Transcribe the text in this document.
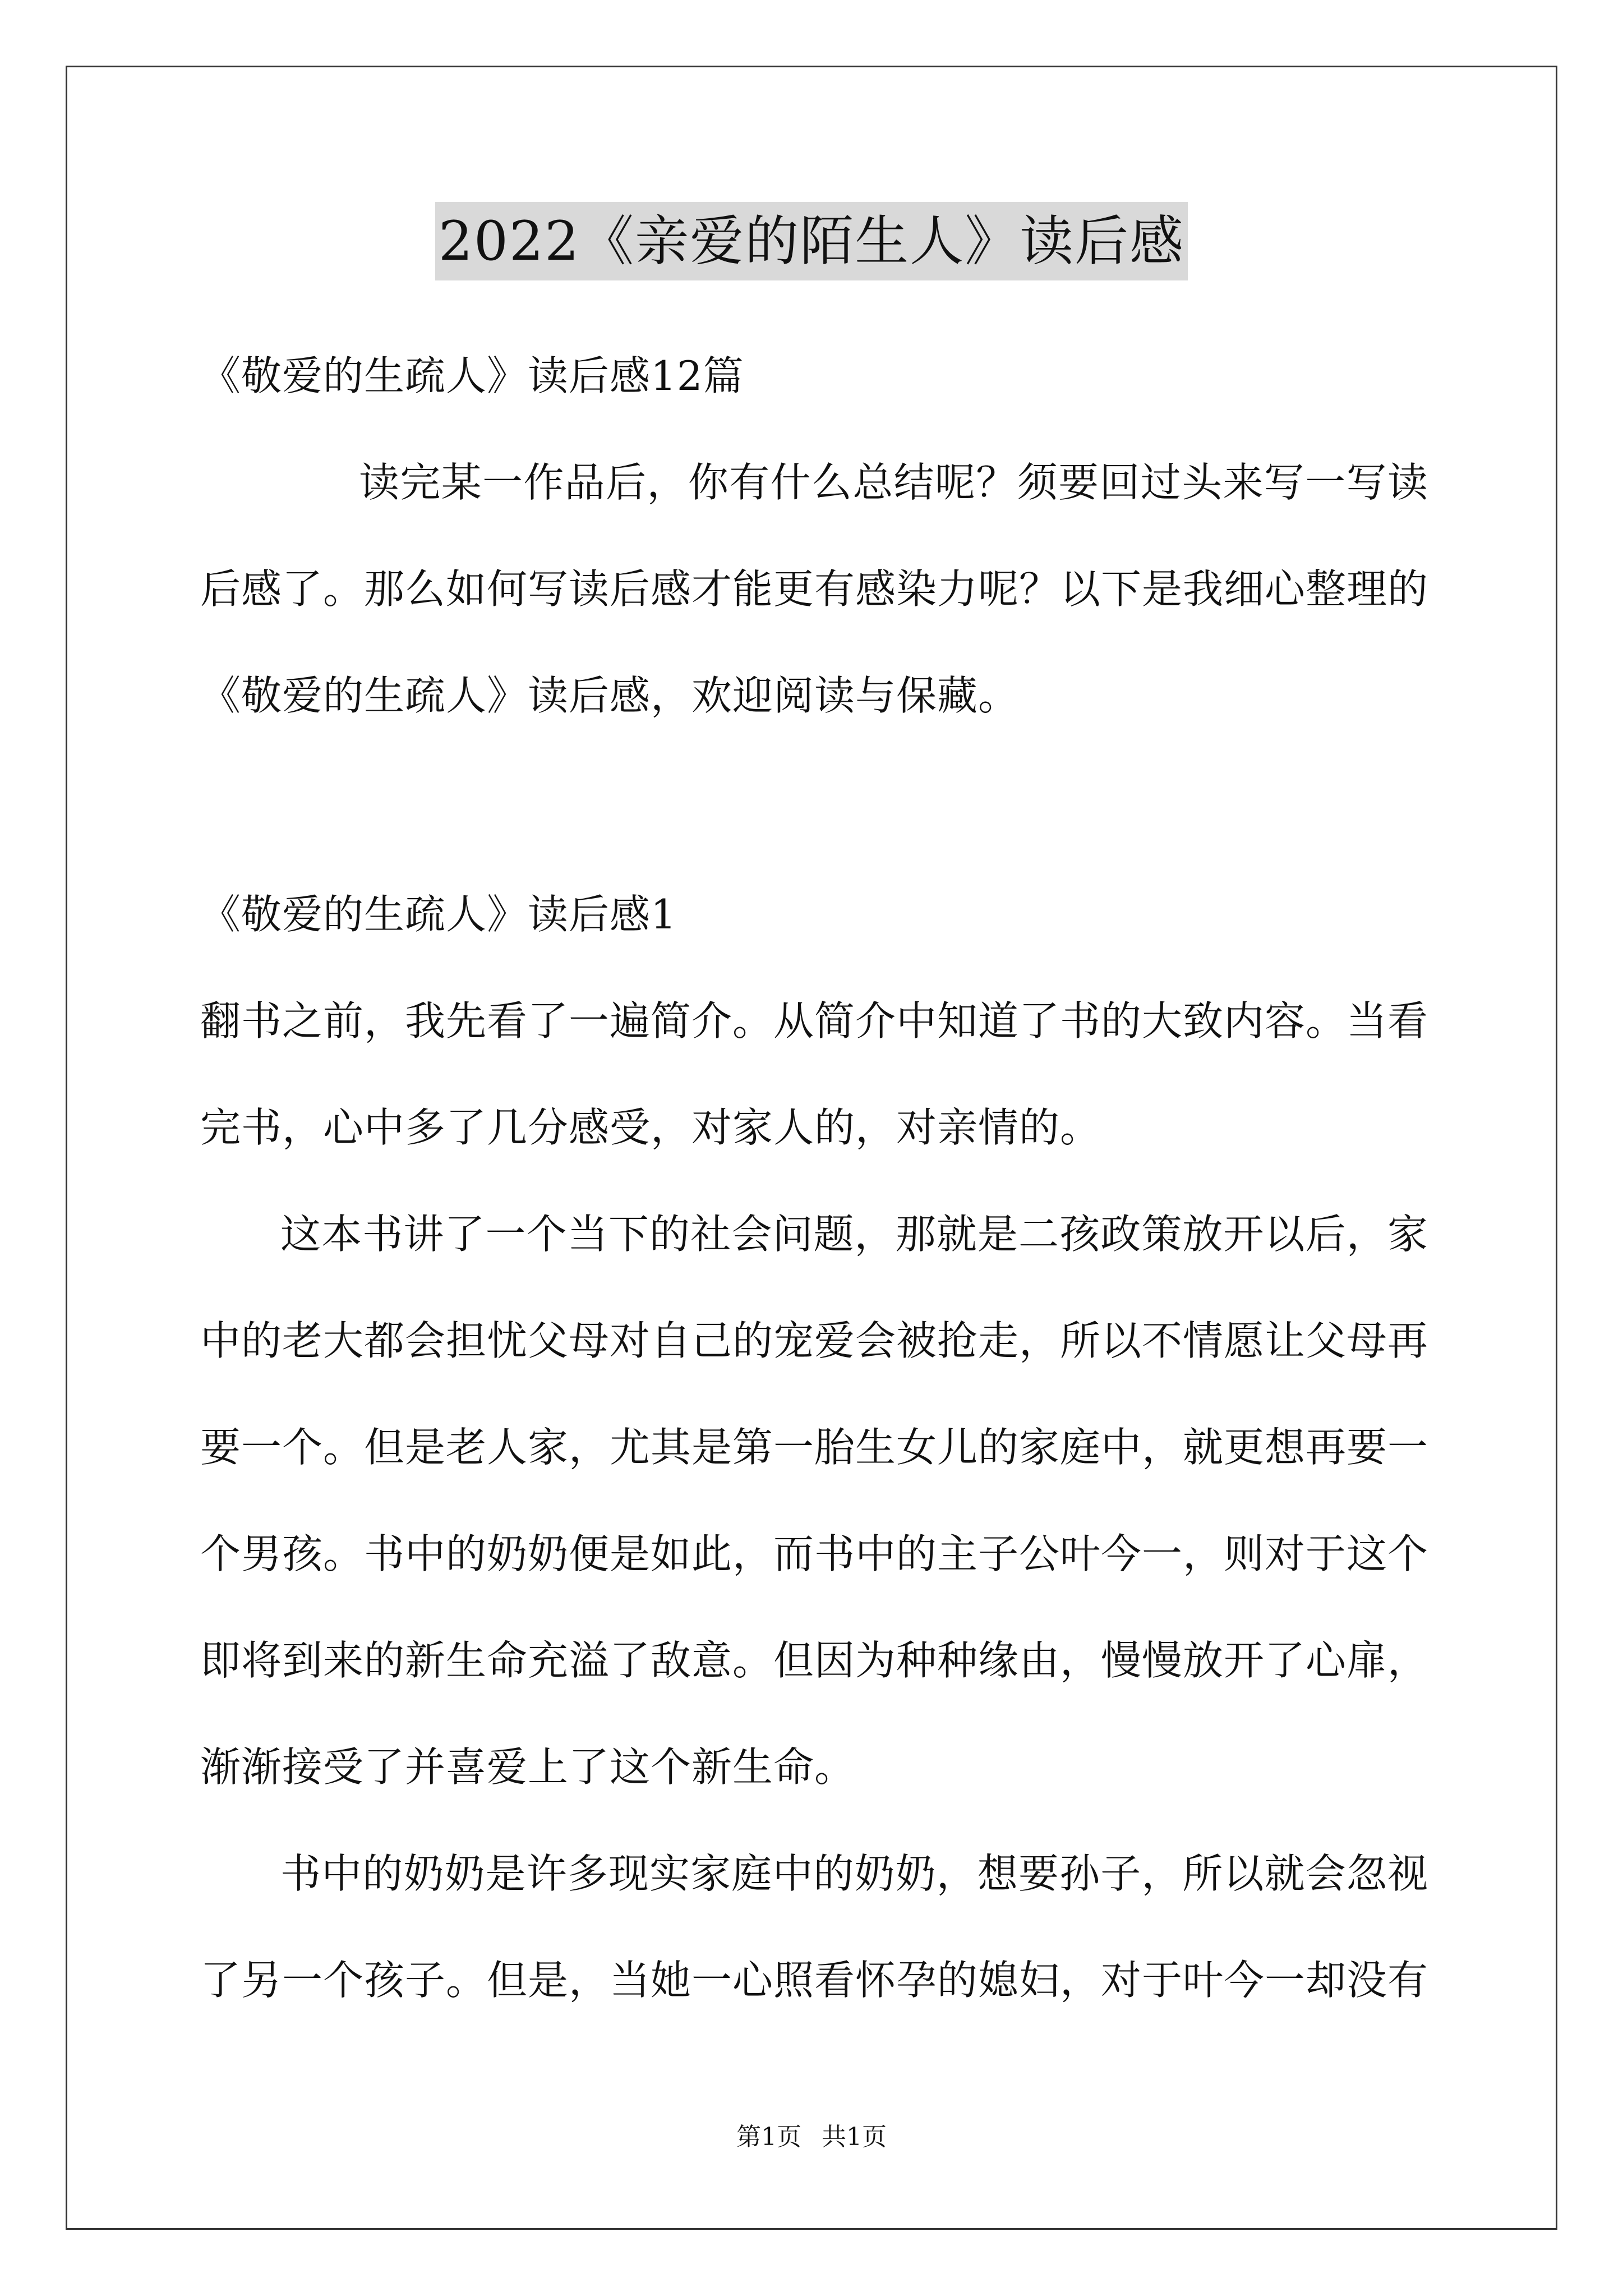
2022《亲爱的陌生人》读后感
《敬爱的生疏人》读后感12篇
读完某一作品后，你有什么总结呢？须要回过头来写一写读
后感了。那么如何写读后感才能更有感染力呢？以下是我细心整理的
《敬爱的生疏人》读后感，欢迎阅读与保藏。
《敬爱的生疏人》读后感1
翻书之前，我先看了一遍简介。从简介中知道了书的大致内容。当看
完书，心中多了几分感受，对家人的，对亲情的。
这本书讲了一个当下的社会问题，那就是二孩政策放开以后，家
中的老大都会担忧父母对自己的宠爱会被抢走，所以不情愿让父母再
要一个。但是老人家，尤其是第一胎生女儿的家庭中，就更想再要一
个男孩。书中的奶奶便是如此，而书中的主子公叶今一，则对于这个
即将到来的新生命充溢了敌意。但因为种种缘由，慢慢放开了心扉，
渐渐接受了并喜爱上了这个新生命。
书中的奶奶是许多现实家庭中的奶奶，想要孙子，所以就会忽视
了另一个孩子。但是，当她一心照看怀孕的媳妇，对于叶今一却没有
第1页 共1页
